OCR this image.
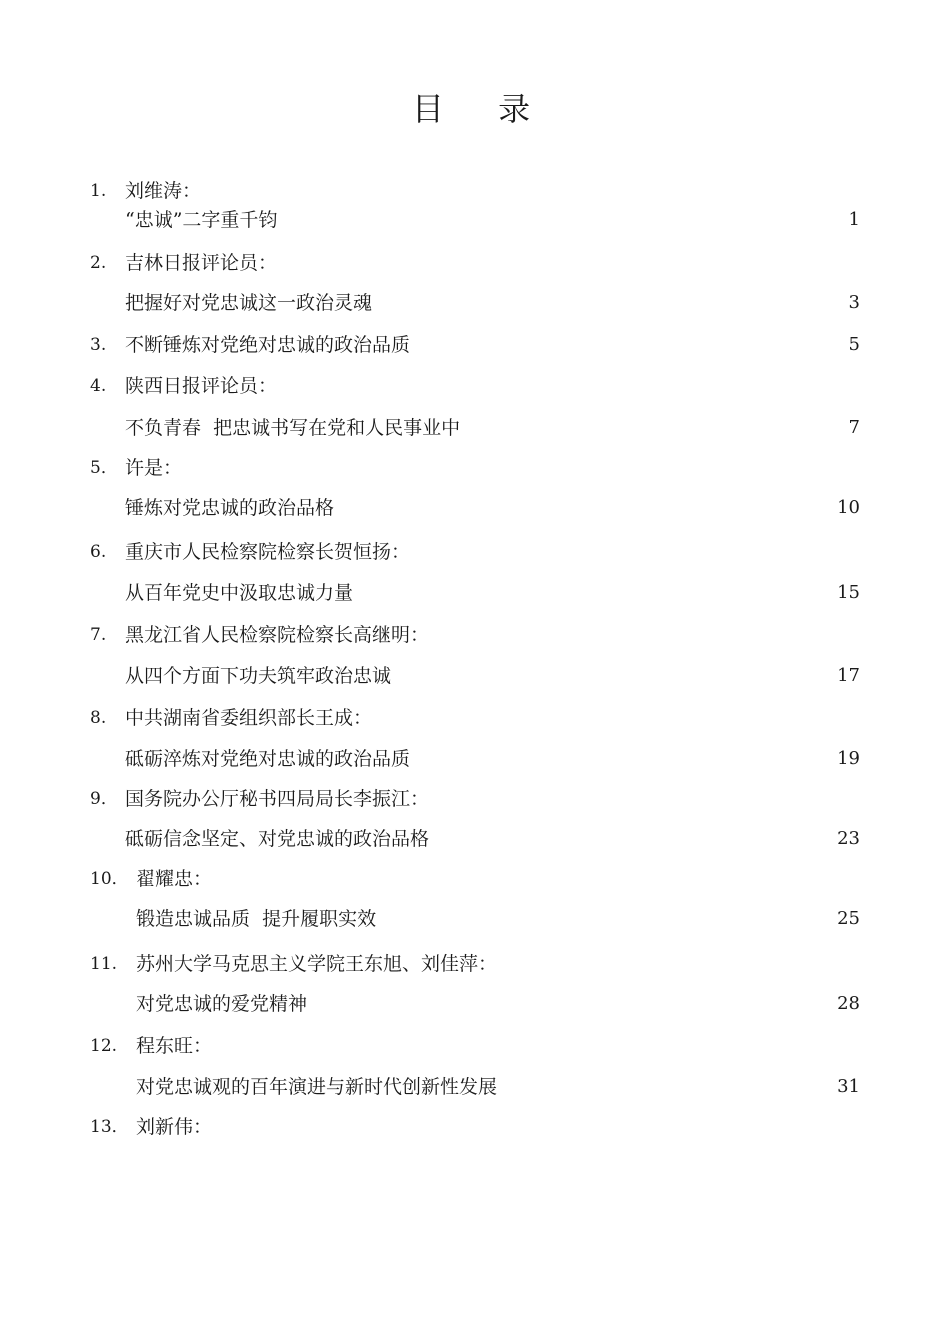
目 录
1. 刘维涛：
“忠诚”二字重千钧	1
2. 吉林日报评论员：
把握好对党忠诚这一政治灵魂	3
3. 不断锤炼对党绝对忠诚的政治品质	5
4. 陕西日报评论员：
不负青春  把忠诚书写在党和人民事业中	7
5． 许是：
锤炼对党忠诚的政治品格	10
6. 重庆市人民检察院检察长贺恒扬：
从百年党史中汲取忠诚力量	15
7. 黑龙江省人民检察院检察长高继明：
从四个方面下功夫筑牢政治忠诚	17
8. 中共湖南省委组织部长王成：
砥砺淬炼对党绝对忠诚的政治品质	19
9． 国务院办公厅秘书四局局长李振江：
砥砺信念坚定、对党忠诚的政治品格	23
10． 翟耀忠：
锻造忠诚品质  提升履职实效	25
11. 苏州大学马克思主义学院王东旭、刘佳萍：
对党忠诚的爱党精神	28
12. 程东旺：
对党忠诚观的百年演进与新时代创新性发展	31
13． 刘新伟：
